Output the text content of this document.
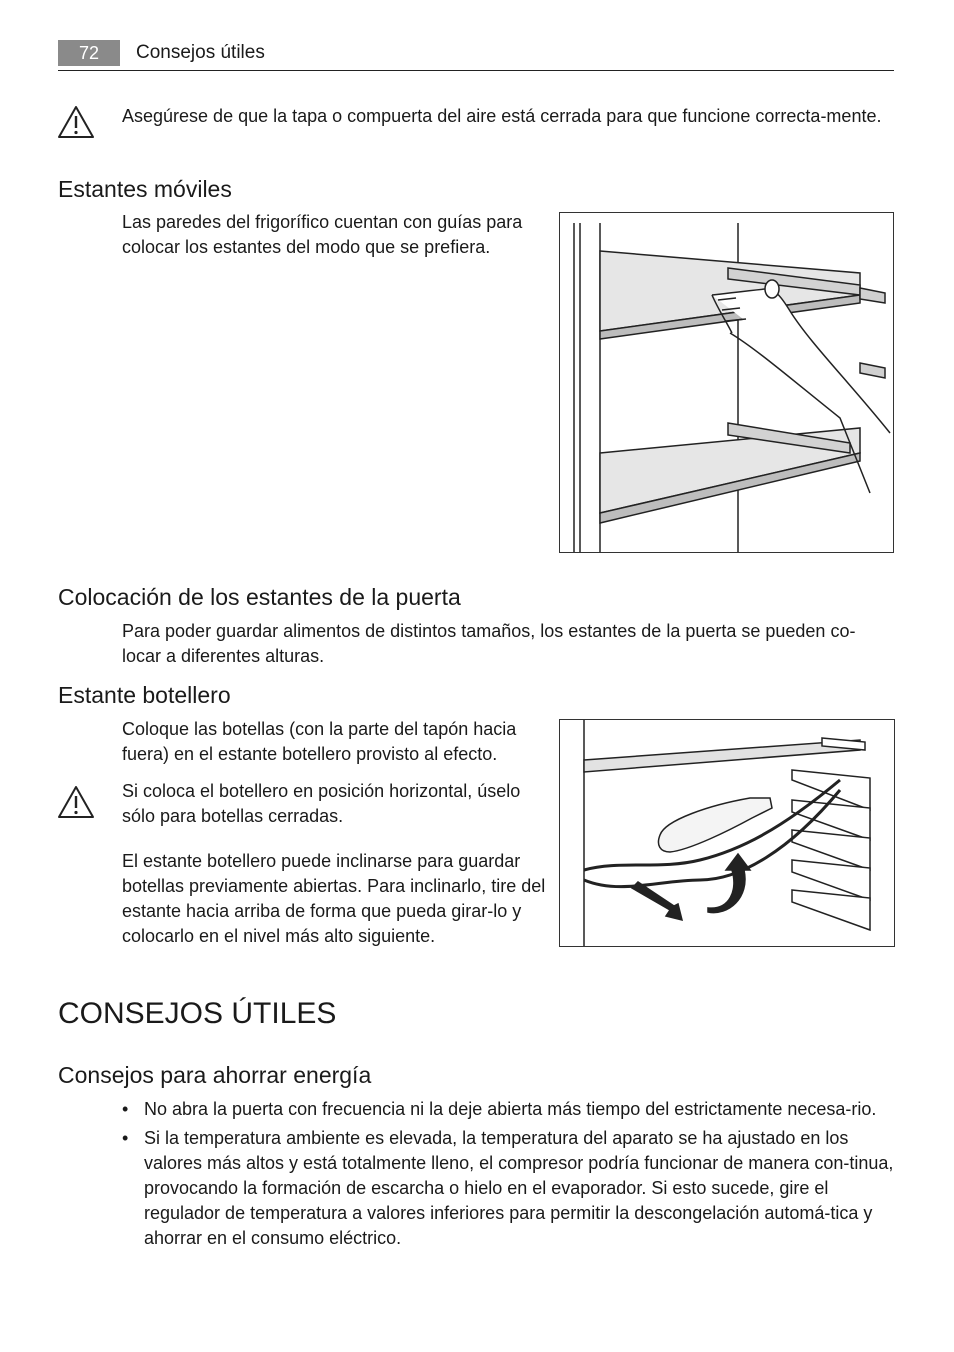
72	Consejos útiles
Asegúrese de que la tapa o compuerta del aire está cerrada para que funcione correcta-mente.
Estantes móviles
Las paredes del frigorífico cuentan con guías para colocar los estantes del modo que se prefiera.
Colocación de los estantes de la puerta
Para poder guardar alimentos de distintos tamaños, los estantes de la puerta se pueden co-locar a diferentes alturas.
Estante botellero
Coloque las botellas (con la parte del tapón hacia fuera) en el estante botellero provisto al efecto.
Si coloca el botellero en posición horizontal, úselo sólo para botellas cerradas.
El estante botellero puede inclinarse para guardar botellas previamente abiertas. Para inclinarlo, tire del estante hacia arriba de forma que pueda girar-lo y colocarlo en el nivel más alto siguiente.
CONSEJOS ÚTILES
Consejos para ahorrar energía
• No abra la puerta con frecuencia ni la deje abierta más tiempo del estrictamente necesa-rio.
• Si la temperatura ambiente es elevada, la temperatura del aparato se ha ajustado en los valores más altos y está totalmente lleno, el compresor podría funcionar de manera con-tinua, provocando la formación de escarcha o hielo en el evaporador. Si esto sucede, gire el regulador de temperatura a valores inferiores para permitir la descongelación automá-tica y ahorrar en el consumo eléctrico.
